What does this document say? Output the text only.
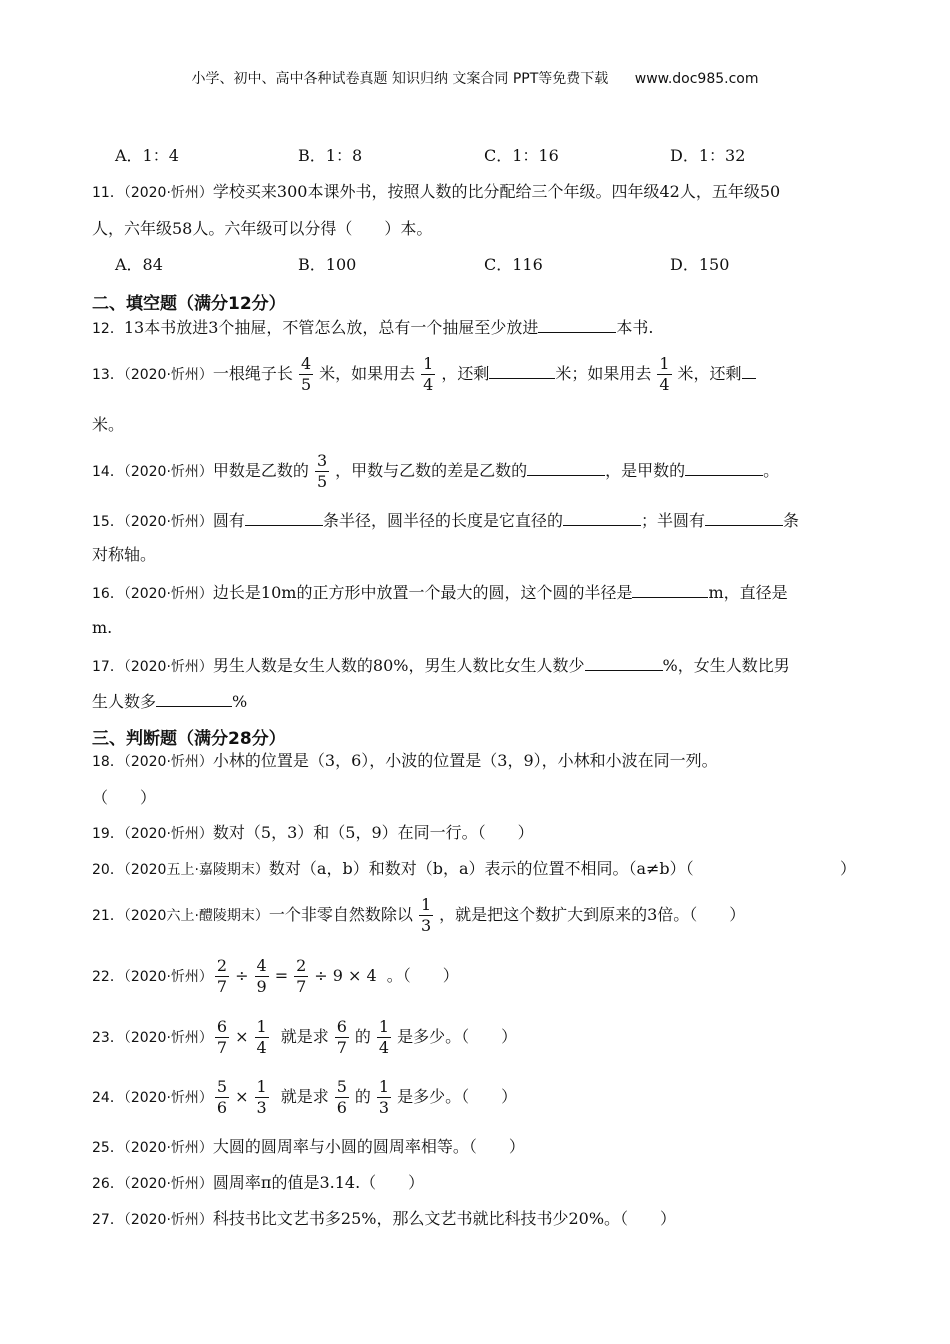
小学、初中、高中各种试卷真题 知识归纳 文案合同 PPT等免费下载 www.doc985.com
A．1：4	B．1：8	C．1：16	D．1：32
11．（2020·忻州）学校买来300本课外书，按照人数的比分配给三个年级。四年级42人，五年级50
人，六年级58人。六年级可以分得（　　）本。
A．84	B．100	C．116	D．150
二、填空题（满分12分）
12．13本书放进3个抽屉，不管怎么放，总有一个抽屉至少放进	本书.
13．（2020·忻州）一根绳子长 $\frac{4}{5}$ 米，如果用去 $\frac{1}{4}$ ，还剩	米；如果用去 $\frac{1}{4}$ 米，还剩
米。
14．（2020·忻州）甲数是乙数的 $\frac{3}{5}$ ，甲数与乙数的差是乙数的	，是甲数的	。
15．（2020·忻州）圆有	条半径，圆半径的长度是它直径的	；半圆有	条
对称轴。
16．（2020·忻州）边长是10m的正方形中放置一个最大的圆，这个圆的半径是	m，直径是
m.
17．（2020·忻州）男生人数是女生人数的80%，男生人数比女生人数少	%，女生人数比男
生人数多	%
三、判断题（满分28分）
18．（2020·忻州）小林的位置是（3，6），小波的位置是（3，9），小林和小波在同一列。
（　　）
19．（2020·忻州）数对（5，3）和（5，9）在同一行。（　　）
20．（2020五上·嘉陵期末）数对（a，b）和数对（b，a）表示的位置不相同。（a≠b）（	）
21．（2020六上·醴陵期末）一个非零自然数除以 $\frac{1}{3}$ ，就是把这个数扩大到原来的3倍。（　　）
22．（2020·忻州） $\frac{2}{7} \div \frac{4}{9} = \frac{2}{7} \div 9 \times 4$ 。（　　）
23．（2020·忻州） $\frac{6}{7} \times \frac{1}{4}$ 就是求 $\frac{6}{7}$ 的 $\frac{1}{4}$ 是多少。（　　）
24．（2020·忻州） $\frac{5}{6} \times \frac{1}{3}$ 就是求 $\frac{5}{6}$ 的 $\frac{1}{3}$ 是多少。（　　）
25．（2020·忻州）大圆的圆周率与小圆的圆周率相等。（　　）
26．（2020·忻州）圆周率π的值是3.14.（　　）
27．（2020·忻州）科技书比文艺书多25%，那么文艺书就比科技书少20%。（　　）
